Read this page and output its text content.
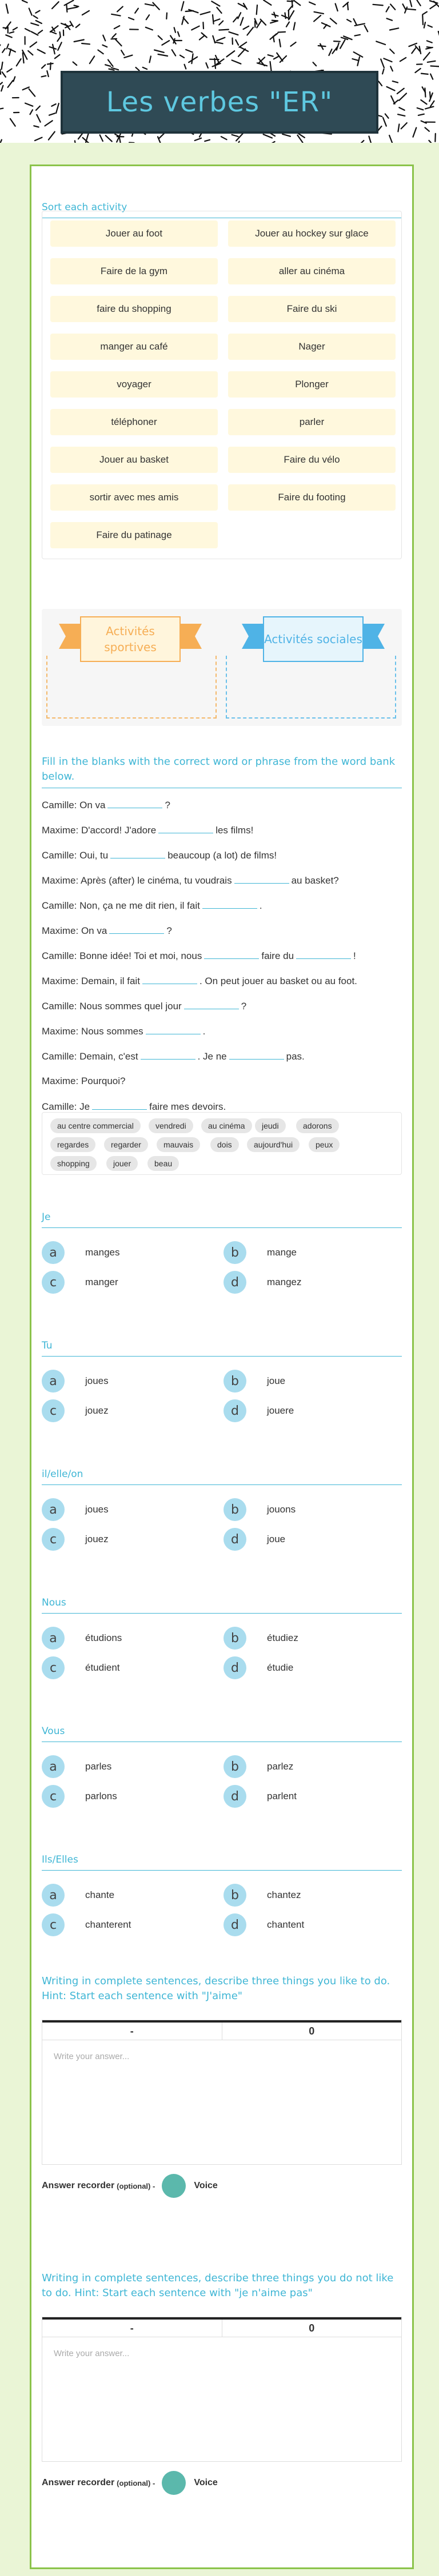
Les verbes "ER"
Sort each activity
Jouer au foot	Jouer au hockey sur glace
Faire de la gym	aller au cinéma
faire du shopping	Faire du ski
manger au café	Nager
voyager	Plonger
téléphoner	parler
Jouer au basket	Faire du vélo
sortir avec mes amis	Faire du footing
Faire du patinage
Activités sportives
Activités sociales
Fill in the blanks with the correct word or phrase from the word bank below.
Camille: On va	?
Maxime: D'accord! J'adore	les films!
Camille: Oui, tu	beaucoup (a lot) de films!
Maxime: Après (after) le cinéma, tu voudrais	au basket?
Camille: Non, ça ne me dit rien, il fait	.
Maxime: On va	?
Camille: Bonne idée! Toi et moi, nous	faire du	!
Maxime: Demain, il fait	. On peut jouer au basket ou au foot.
Camille: Nous sommes quel jour	?
Maxime: Nous sommes	.
Camille: Demain, c'est	. Je ne	pas.
Maxime: Pourquoi?
Camille: Je	faire mes devoirs.
au centre commercial	vendredi	au cinéma	jeudi	adorons
regardes	regarder	mauvais	dois	aujourd'hui	peux
shopping	jouer	beau
Je
a	manges	b	mange
c	manger	d	mangez
Tu
a	joues	b	joue
c	jouez	d	jouere
il/elle/on
a	joues	b	jouons
c	jouez	d	joue
Nous
a	étudions	b	étudiez
c	étudient	d	étudie
Vous
a	parles	b	parlez
c	parlons	d	parlent
Ils/Elles
a	chante	b	chantez
c	chanterent	d	chantent
Writing in complete sentences, describe three things you like to do. Hint: Start each sentence with "J'aime"
-	0
Write your answer...
Answer recorder (optional) -	Voice
Writing in complete sentences, describe three things you do not like to do. Hint: Start each sentence with "je n'aime pas"
-	0
Write your answer...
Answer recorder (optional) -	Voice
